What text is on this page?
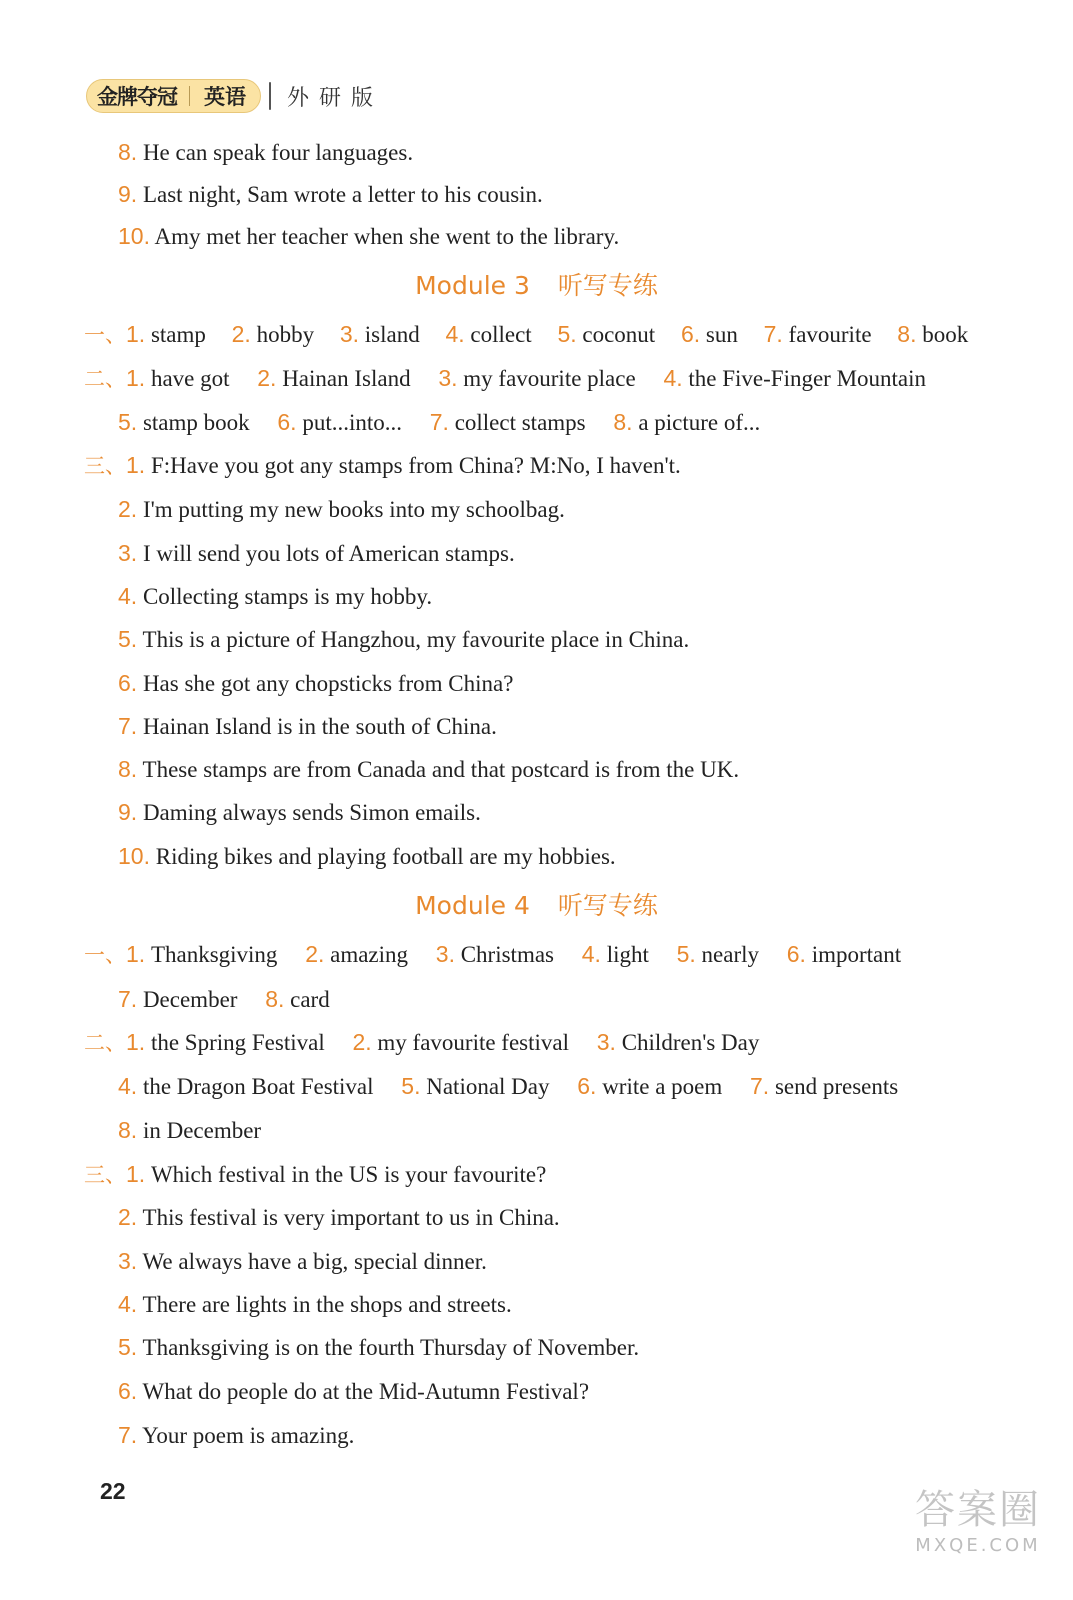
金牌夺冠 英语 外研版
8. He can speak four languages.
9. Last night, Sam wrote a letter to his cousin.
10. Amy met her teacher when she went to the library.
Module 3 听写专练
一、1. stamp 2. hobby 3. island 4. collect 5. coconut 6. sun 7. favourite 8. book
二、1. have got 2. Hainan Island 3. my favourite place 4. the Five-Finger Mountain
5. stamp book 6. put...into... 7. collect stamps 8. a picture of...
三、1. F:Have you got any stamps from China? M:No, I haven't.
2. I'm putting my new books into my schoolbag.
3. I will send you lots of American stamps.
4. Collecting stamps is my hobby.
5. This is a picture of Hangzhou, my favourite place in China.
6. Has she got any chopsticks from China?
7. Hainan Island is in the south of China.
8. These stamps are from Canada and that postcard is from the UK.
9. Daming always sends Simon emails.
10. Riding bikes and playing football are my hobbies.
Module 4 听写专练
一、1. Thanksgiving 2. amazing 3. Christmas 4. light 5. nearly 6. important
7. December 8. card
二、1. the Spring Festival 2. my favourite festival 3. Children's Day
4. the Dragon Boat Festival 5. National Day 6. write a poem 7. send presents
8. in December
三、1. Which festival in the US is your favourite?
2. This festival is very important to us in China.
3. We always have a big, special dinner.
4. There are lights in the shops and streets.
5. Thanksgiving is on the fourth Thursday of November.
6. What do people do at the Mid-Autumn Festival?
7. Your poem is amazing.
22	答案圈
MXQE.COM
